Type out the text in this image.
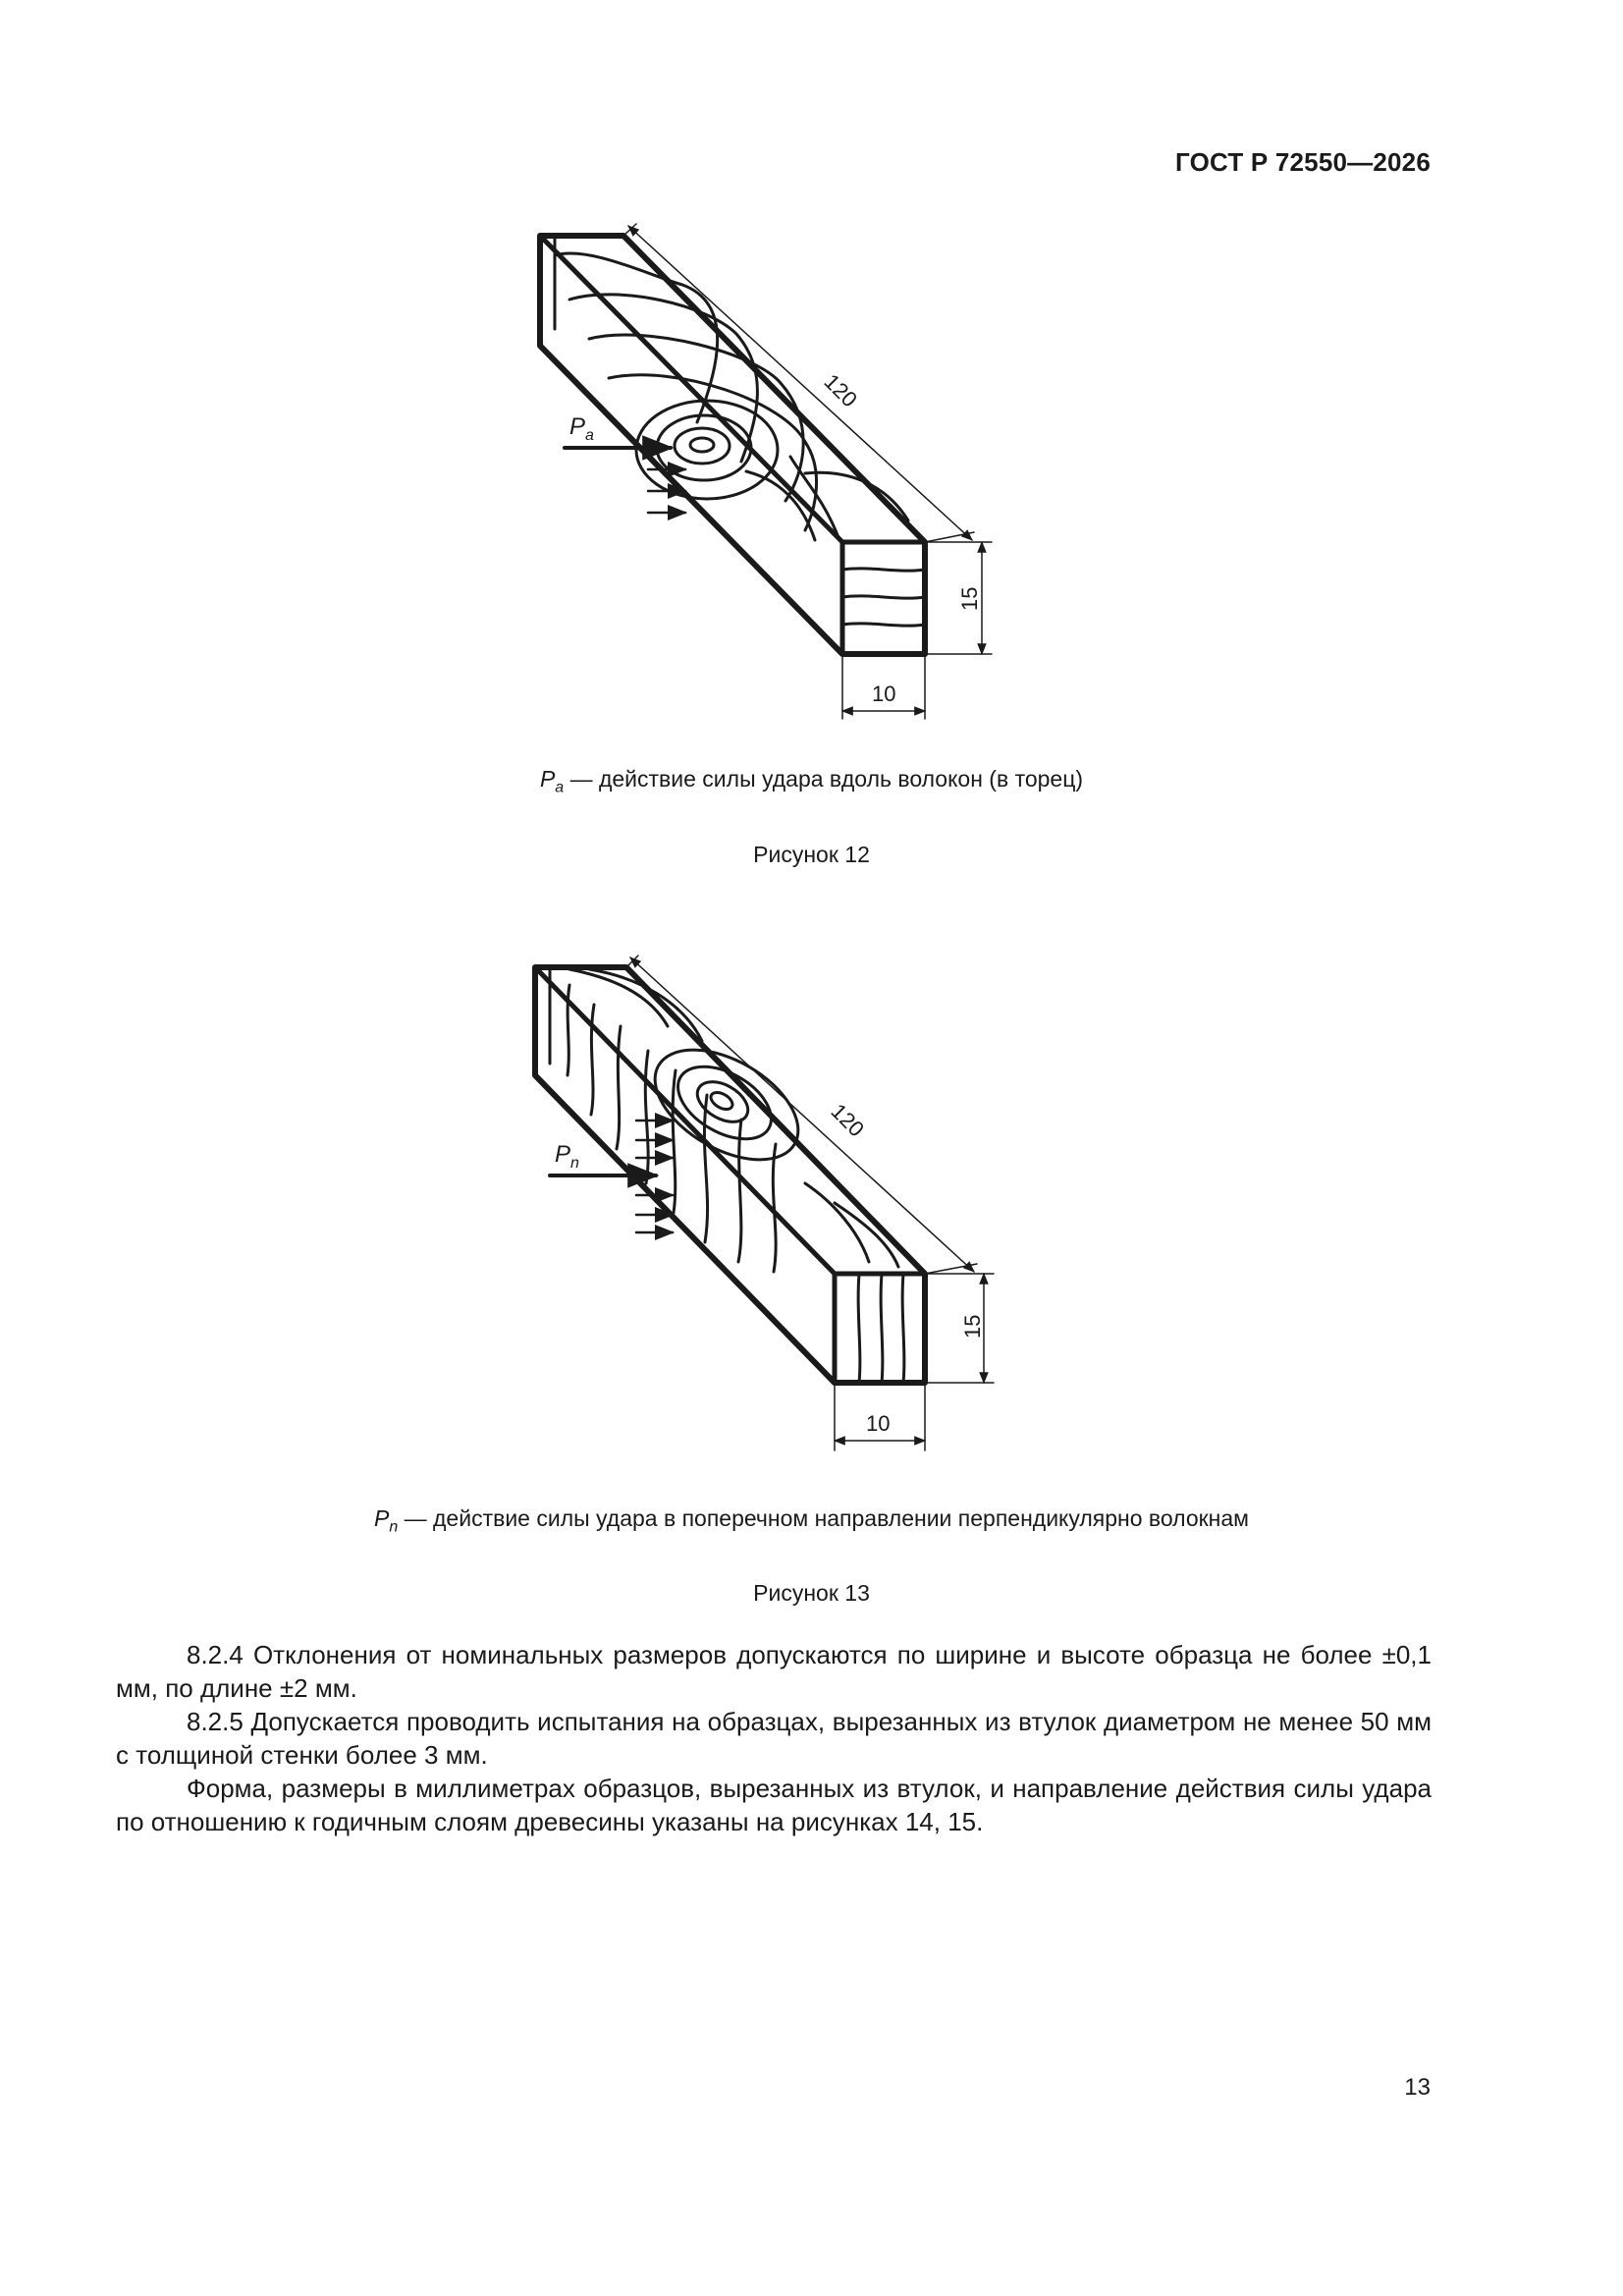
ГОСТ Р 72550—2026
120
15
10
$P_a$
$P_a$ — действие силы удара вдоль волокон (в торец)
Рисунок 12
120
15
10
$P_n$
$P_n$ — действие силы удара в поперечном направлении перпендикулярно волокнам
Рисунок 13

8.2.4 Отклонения от номинальных размеров допускаются по ширине и высоте образца не более ±0,1 мм, по длине ±2 мм.

8.2.5 Допускается проводить испытания на образцах, вырезанных из втулок диаметром не менее 50 мм с толщиной стенки более 3 мм.

Форма, размеры в миллиметрах образцов, вырезанных из втулок, и направление действия силы удара по отношению к годичным слоям древесины указаны на рисунках 14, 15.

13
